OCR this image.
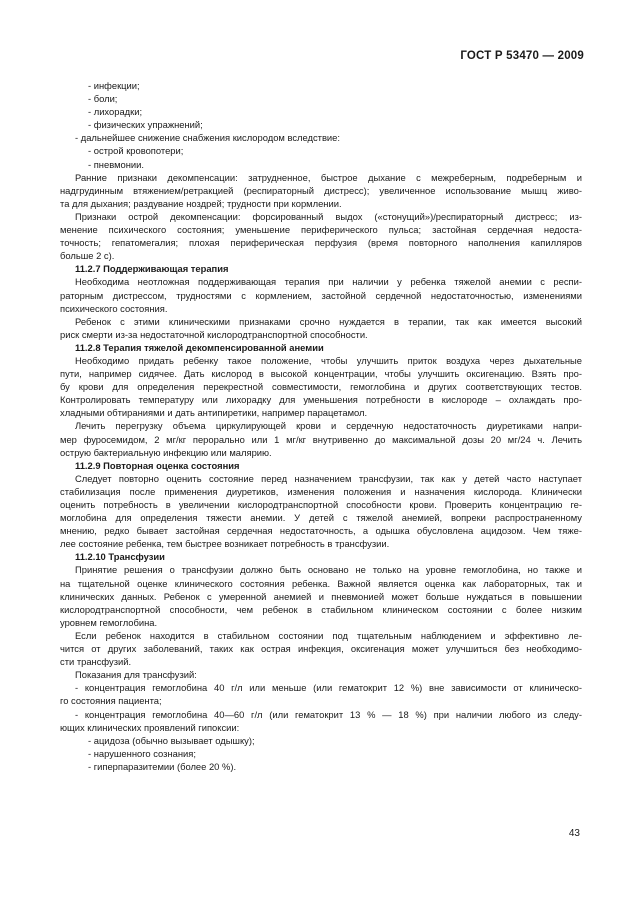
ГОСТ Р 53470 — 2009
- инфекции;
- боли;
- лихорадки;
- физических упражнений;
- дальнейшее снижение снабжения кислородом вследствие:
- острой кровопотери;
- пневмонии.
Ранние признаки декомпенсации: затрудненное, быстрое дыхание с межреберным, подреберным и
надгрудинным втяжением/ретракцией (респираторный дистресс); увеличенное использование мышц живо-
та для дыхания; раздувание ноздрей; трудности при кормлении.
Признаки острой декомпенсации: форсированный выдох («стонущий»)/респираторный дистресс; из-
менение психического состояния; уменьшение периферического пульса; застойная сердечная недоста-
точность; гепатомегалия; плохая периферическая перфузия (время повторного наполнения капилляров
больше 2 с).
11.2.7 Поддерживающая терапия
Необходима неотложная поддерживающая терапия при наличии у ребенка тяжелой анемии с респи-
раторным дистрессом, трудностями с кормлением, застойной сердечной недостаточностью, изменениями
психического состояния.
Ребенок с этими клиническими признаками срочно нуждается в терапии, так как имеется высокий
риск смерти из-за недостаточной кислородтранспортной способности.
11.2.8 Терапия тяжелой декомпенсированной анемии
Необходимо придать ребенку такое положение, чтобы улучшить приток воздуха через дыхательные
пути, например сидячее. Дать кислород в высокой концентрации, чтобы улучшить оксигенацию. Взять про-
бу крови для определения перекрестной совместимости, гемоглобина и других соответствующих тестов.
Контролировать температуру или лихорадку для уменьшения потребности в кислороде – охлаждать про-
хладными обтираниями и дать антипиретики, например парацетамол.
Лечить перегрузку объема циркулирующей крови и сердечную недостаточность диуретиками напри-
мер фуросемидом, 2 мг/кг перорально или 1 мг/кг внутривенно до максимальной дозы 20 мг/24 ч. Лечить
острую бактериальную инфекцию или малярию.
11.2.9 Повторная оценка состояния
Следует повторно оценить состояние перед назначением трансфузии, так как у детей часто наступает
стабилизация после применения диуретиков, изменения положения и назначения кислорода. Клинически
оценить потребность в увеличении кислородтранспортной способности крови. Проверить концентрацию ге-
моглобина для определения тяжести анемии. У детей с тяжелой анемией, вопреки распространенному
мнению, редко бывает застойная сердечная недостаточность, а одышка обусловлена ацидозом. Чем тяже-
лее состояние ребенка, тем быстрее возникает потребность в трансфузии.
11.2.10 Трансфузии
Принятие решения о трансфузии должно быть основано не только на уровне гемоглобина, но также и
на тщательной оценке клинического состояния ребенка. Важной является оценка как лабораторных, так и
клинических данных. Ребенок с умеренной анемией и пневмонией может больше нуждаться в повышении
кислородтранспортной способности, чем ребенок в стабильном клиническом состоянии с более низким
уровнем гемоглобина.
Если ребенок находится в стабильном состоянии под тщательным наблюдением и эффективно ле-
чится от других заболеваний, таких как острая инфекция, оксигенация может улучшиться без необходимо-
сти трансфузий.
Показания для трансфузий:
- концентрация гемоглобина 40 г/л или меньше (или гематокрит 12 %) вне зависимости от клиническо-
го состояния пациента;
- концентрация гемоглобина 40—60 г/л (или гематокрит 13 % — 18 %) при наличии любого из следу-
ющих клинических проявлений гипоксии:
- ацидоза (обычно вызывает одышку);
- нарушенного сознания;
- гиперпаразитемии (более 20 %).
43
